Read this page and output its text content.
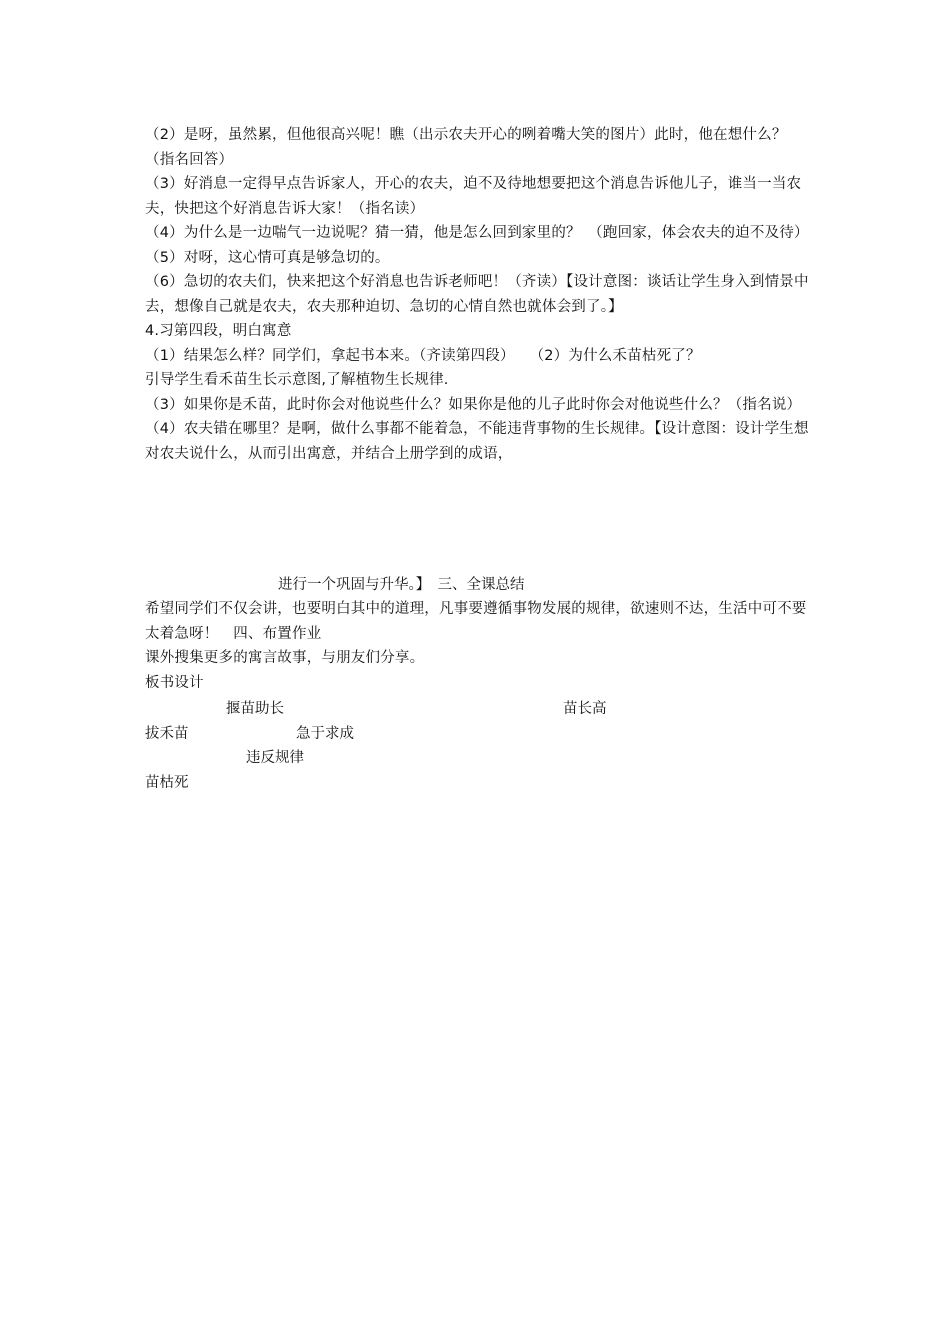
（2）是呀，虽然累，但他很高兴呢！瞧（出示农夫开心的咧着嘴大笑的图片）此时，他在想什么？（指名回答）

（3）好消息一定得早点告诉家人，开心的农夫，迫不及待地想要把这个消息告诉他儿子，谁当一当农夫，快把这个好消息告诉大家！（指名读）

（4）为什么是一边喘气一边说呢？猜一猜，他是怎么回到家里的？　（跑回家，体会农夫的迫不及待）　　（5）对呀，这心情可真是够急切的。

（6）急切的农夫们，快来把这个好消息也告诉老师吧！（齐读）【设计意图：谈话让学生身入到情景中去，想像自己就是农夫，农夫那种迫切、急切的心情自然也就体会到了。】

4.习第四段，明白寓意

（1）结果怎么样？同学们，拿起书本来。（齐读第四段）　　（2）为什么禾苗枯死了？

引导学生看禾苗生长示意图,了解植物生长规律.

（3）如果你是禾苗，此时你会对他说些什么？如果你是他的儿子此时你会对他说些什么？（指名说）（4）农夫错在哪里？是啊，做什么事都不能着急，不能违背事物的生长规律。【设计意图：设计学生想对农夫说什么，从而引出寓意，并结合上册学到的成语，

进行一个巩固与升华。】　三、全课总结

希望同学们不仅会讲，也要明白其中的道理，凡事要遵循事物发展的规律，欲速则不达，生活中可不要太着急呀！　四、布置作业

课外搜集更多的寓言故事，与朋友们分享。

板书设计

揠苗助长	苗长高
拔禾苗	急于求成
违反规律
苗枯死
